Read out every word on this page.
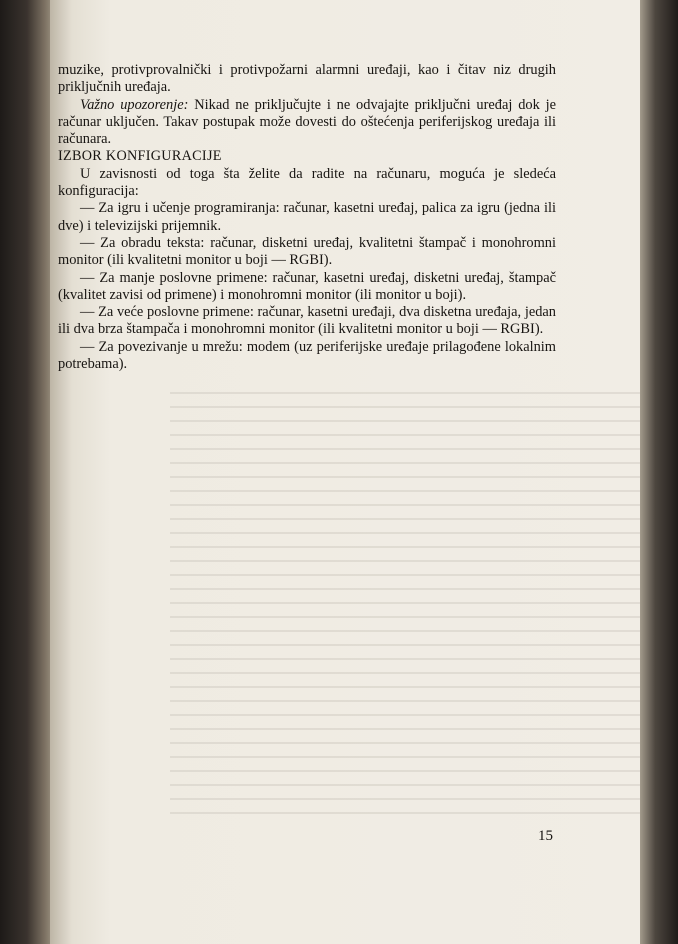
muzike, protivprovalnički i protivpožarni alarmni uređaji, kao i čitav niz drugih priključnih uređaja.

Važno upozorenje: Nikad ne priključujte i ne odvajajte priključni uređaj dok je računar uključen. Takav postupak može dovesti do oštećenja periferijskog uređaja ili računara.

IZBOR KONFIGURACIJE

U zavisnosti od toga šta želite da radite na računaru, moguća je sledeća konfiguracija:

— Za igru i učenje programiranja: računar, kasetni uređaj, palica za igru (jedna ili dve) i televizijski prijemnik.

— Za obradu teksta: računar, disketni uređaj, kvalitetni štampač i monohromni monitor (ili kvalitetni monitor u boji — RGBI).

— Za manje poslovne primene: računar, kasetni uređaj, disketni uređaj, štampač (kvalitet zavisi od primene) i monohromni monitor (ili monitor u boji).

— Za veće poslovne primene: računar, kasetni uređaji, dva disketna uređaja, jedan ili dva brza štampača i monohromni monitor (ili kvalitetni monitor u boji — RGBI).

— Za povezivanje u mrežu: modem (uz periferijske uređaje prilagođene lokalnim potrebama).

15
